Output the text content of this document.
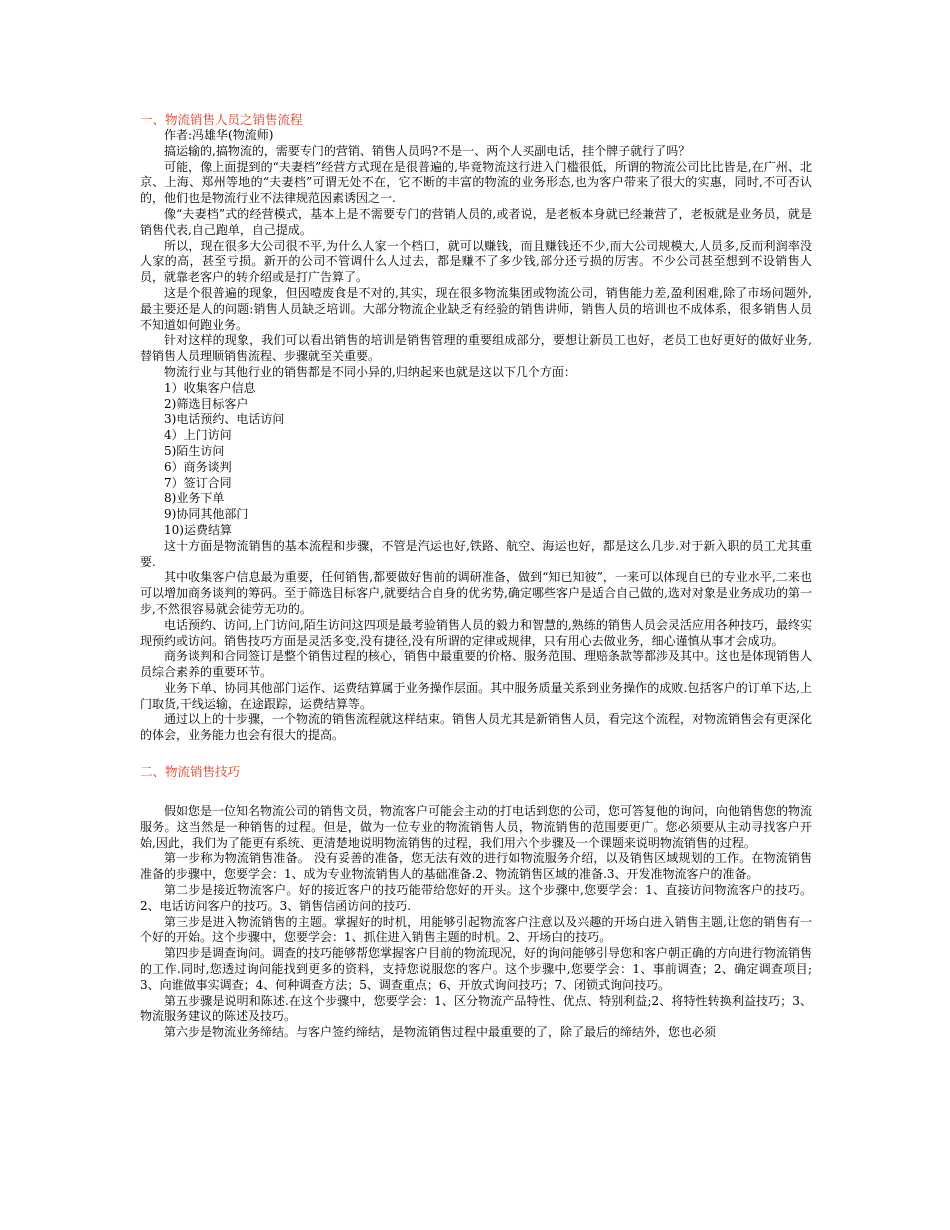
一、物流销售人员之销售流程
作者:冯雄华(物流师)
搞运输的,搞物流的，需要专门的营销、销售人员吗?不是一、两个人买副电话，挂个牌子就行了吗？
可能，像上面提到的“夫妻档”经营方式现在是很普遍的,毕竟物流这行进入门槛很低，所谓的物流公司比比皆是,在广州、北京、上海、郑州等地的“夫妻档”可谓无处不在，它不断的丰富的物流的业务形态,也为客户带来了很大的实惠，同时,不可否认的，他们也是物流行业不法律规范因素诱因之一.
像“夫妻档”式的经营模式，基本上是不需要专门的营销人员的,或者说，是老板本身就已经兼营了，老板就是业务员，就是销售代表,自己跑单，自己提成。
所以，现在很多大公司很不平,为什么人家一个档口，就可以赚钱，而且赚钱还不少,而大公司规模大,人员多,反而利润率没人家的高，甚至亏损。新开的公司不管调什么人过去，都是赚不了多少钱,部分还亏损的厉害。不少公司甚至想到不设销售人员，就靠老客户的转介绍或是打广告算了。
这是个很普遍的现象，但因噎废食是不对的,其实，现在很多物流集团或物流公司，销售能力差,盈利困难,除了市场问题外,最主要还是人的问题:销售人员缺乏培训。大部分物流企业缺乏有经验的销售讲师，销售人员的培训也不成体系，很多销售人员不知道如何跑业务。
针对这样的现象，我们可以看出销售的培训是销售管理的重要组成部分，要想让新员工也好，老员工也好更好的做好业务,替销售人员理顺销售流程、步骤就至关重要。
物流行业与其他行业的销售都是不同小异的,归纳起来也就是这以下几个方面：
1）收集客户信息
2)筛选目标客户
3)电话预约、电话访问
4）上门访问
5)陌生访问
6）商务谈判
7）签订合同
8)业务下单
9)协同其他部门
10)运费结算
这十方面是物流销售的基本流程和步骤，不管是汽运也好,铁路、航空、海运也好，都是这么几步.对于新入职的员工尤其重要.
其中收集客户信息最为重要，任何销售,都要做好售前的调研准备，做到“知已知彼”，一来可以体现自已的专业水平,二来也可以增加商务谈判的筹码。至于筛选目标客户,就要结合自身的优劣势,确定哪些客户是适合自己做的,选对对象是业务成功的第一步,不然很容易就会徒劳无功的。
电话预约、访问,上门访问,陌生访问这四项是最考验销售人员的毅力和智慧的,熟练的销售人员会灵活应用各种技巧，最终实现预约或访问。销售技巧方面是灵活多变,没有捷径,没有所谓的定律或规律，只有用心去做业务，细心谨慎从事才会成功。
商务谈判和合同签订是整个销售过程的核心，销售中最重要的价格、服务范围、理赔条款等都涉及其中。这也是体现销售人员综合素养的重要环节。
业务下单、协同其他部门运作、运费结算属于业务操作层面。其中服务质量关系到业务操作的成败.包括客户的订单下达,上门取货,干线运输，在途跟踪，运费结算等。
通过以上的十步骤，一个物流的销售流程就这样结束。销售人员尤其是新销售人员，看完这个流程，对物流销售会有更深化的体会，业务能力也会有很大的提高。
二、物流销售技巧
假如您是一位知名物流公司的销售文员，物流客户可能会主动的打电话到您的公司，您可答复他的询问，向他销售您的物流服务。这当然是一种销售的过程。但是，做为一位专业的物流销售人员，物流销售的范围要更广。您必须要从主动寻找客户开始,因此，我们为了能更有系统、更清楚地说明物流销售的过程，我们用六个步骤及一个课题来说明物流销售的过程。
第一步称为物流销售准备。 没有妥善的准备，您无法有效的进行如物流服务介绍，以及销售区域规划的工作。在物流销售准备的步骤中，您要学会：1、成为专业物流销售人的基础准备.2、物流销售区域的准备.3、开发准物流客户的准备。
第二步是接近物流客户。好的接近客户的技巧能带给您好的开头。这个步骤中,您要学会：1、直接访问物流客户的技巧。2、电话访问客户的技巧。3、销售信函访问的技巧.
第三步是进入物流销售的主题。掌握好的时机，用能够引起物流客户注意以及兴趣的开场白进入销售主题,让您的销售有一个好的开始。这个步骤中，您要学会：1、抓住进入销售主题的时机。2、开场白的技巧。
第四步是调查询问。调查的技巧能够帮您掌握客户目前的物流现况，好的询问能够引导您和客户朝正确的方向进行物流销售的工作.同时,您透过询问能找到更多的资料，支持您说服您的客户。这个步骤中,您要学会：1、事前调查；2、确定调查项目;3、向谁做事实调查；4、何种调查方法；5、调查重点；6、开放式询问技巧；7、闭锁式询问技巧。
第五步骤是说明和陈述.在这个步骤中，您要学会：1、区分物流产品特性、优点、特别利益;2、将特性转换利益技巧；3、物流服务建议的陈述及技巧。
第六步是物流业务缔结。与客户签约缔结，是物流销售过程中最重要的了，除了最后的缔结外，您也必须
